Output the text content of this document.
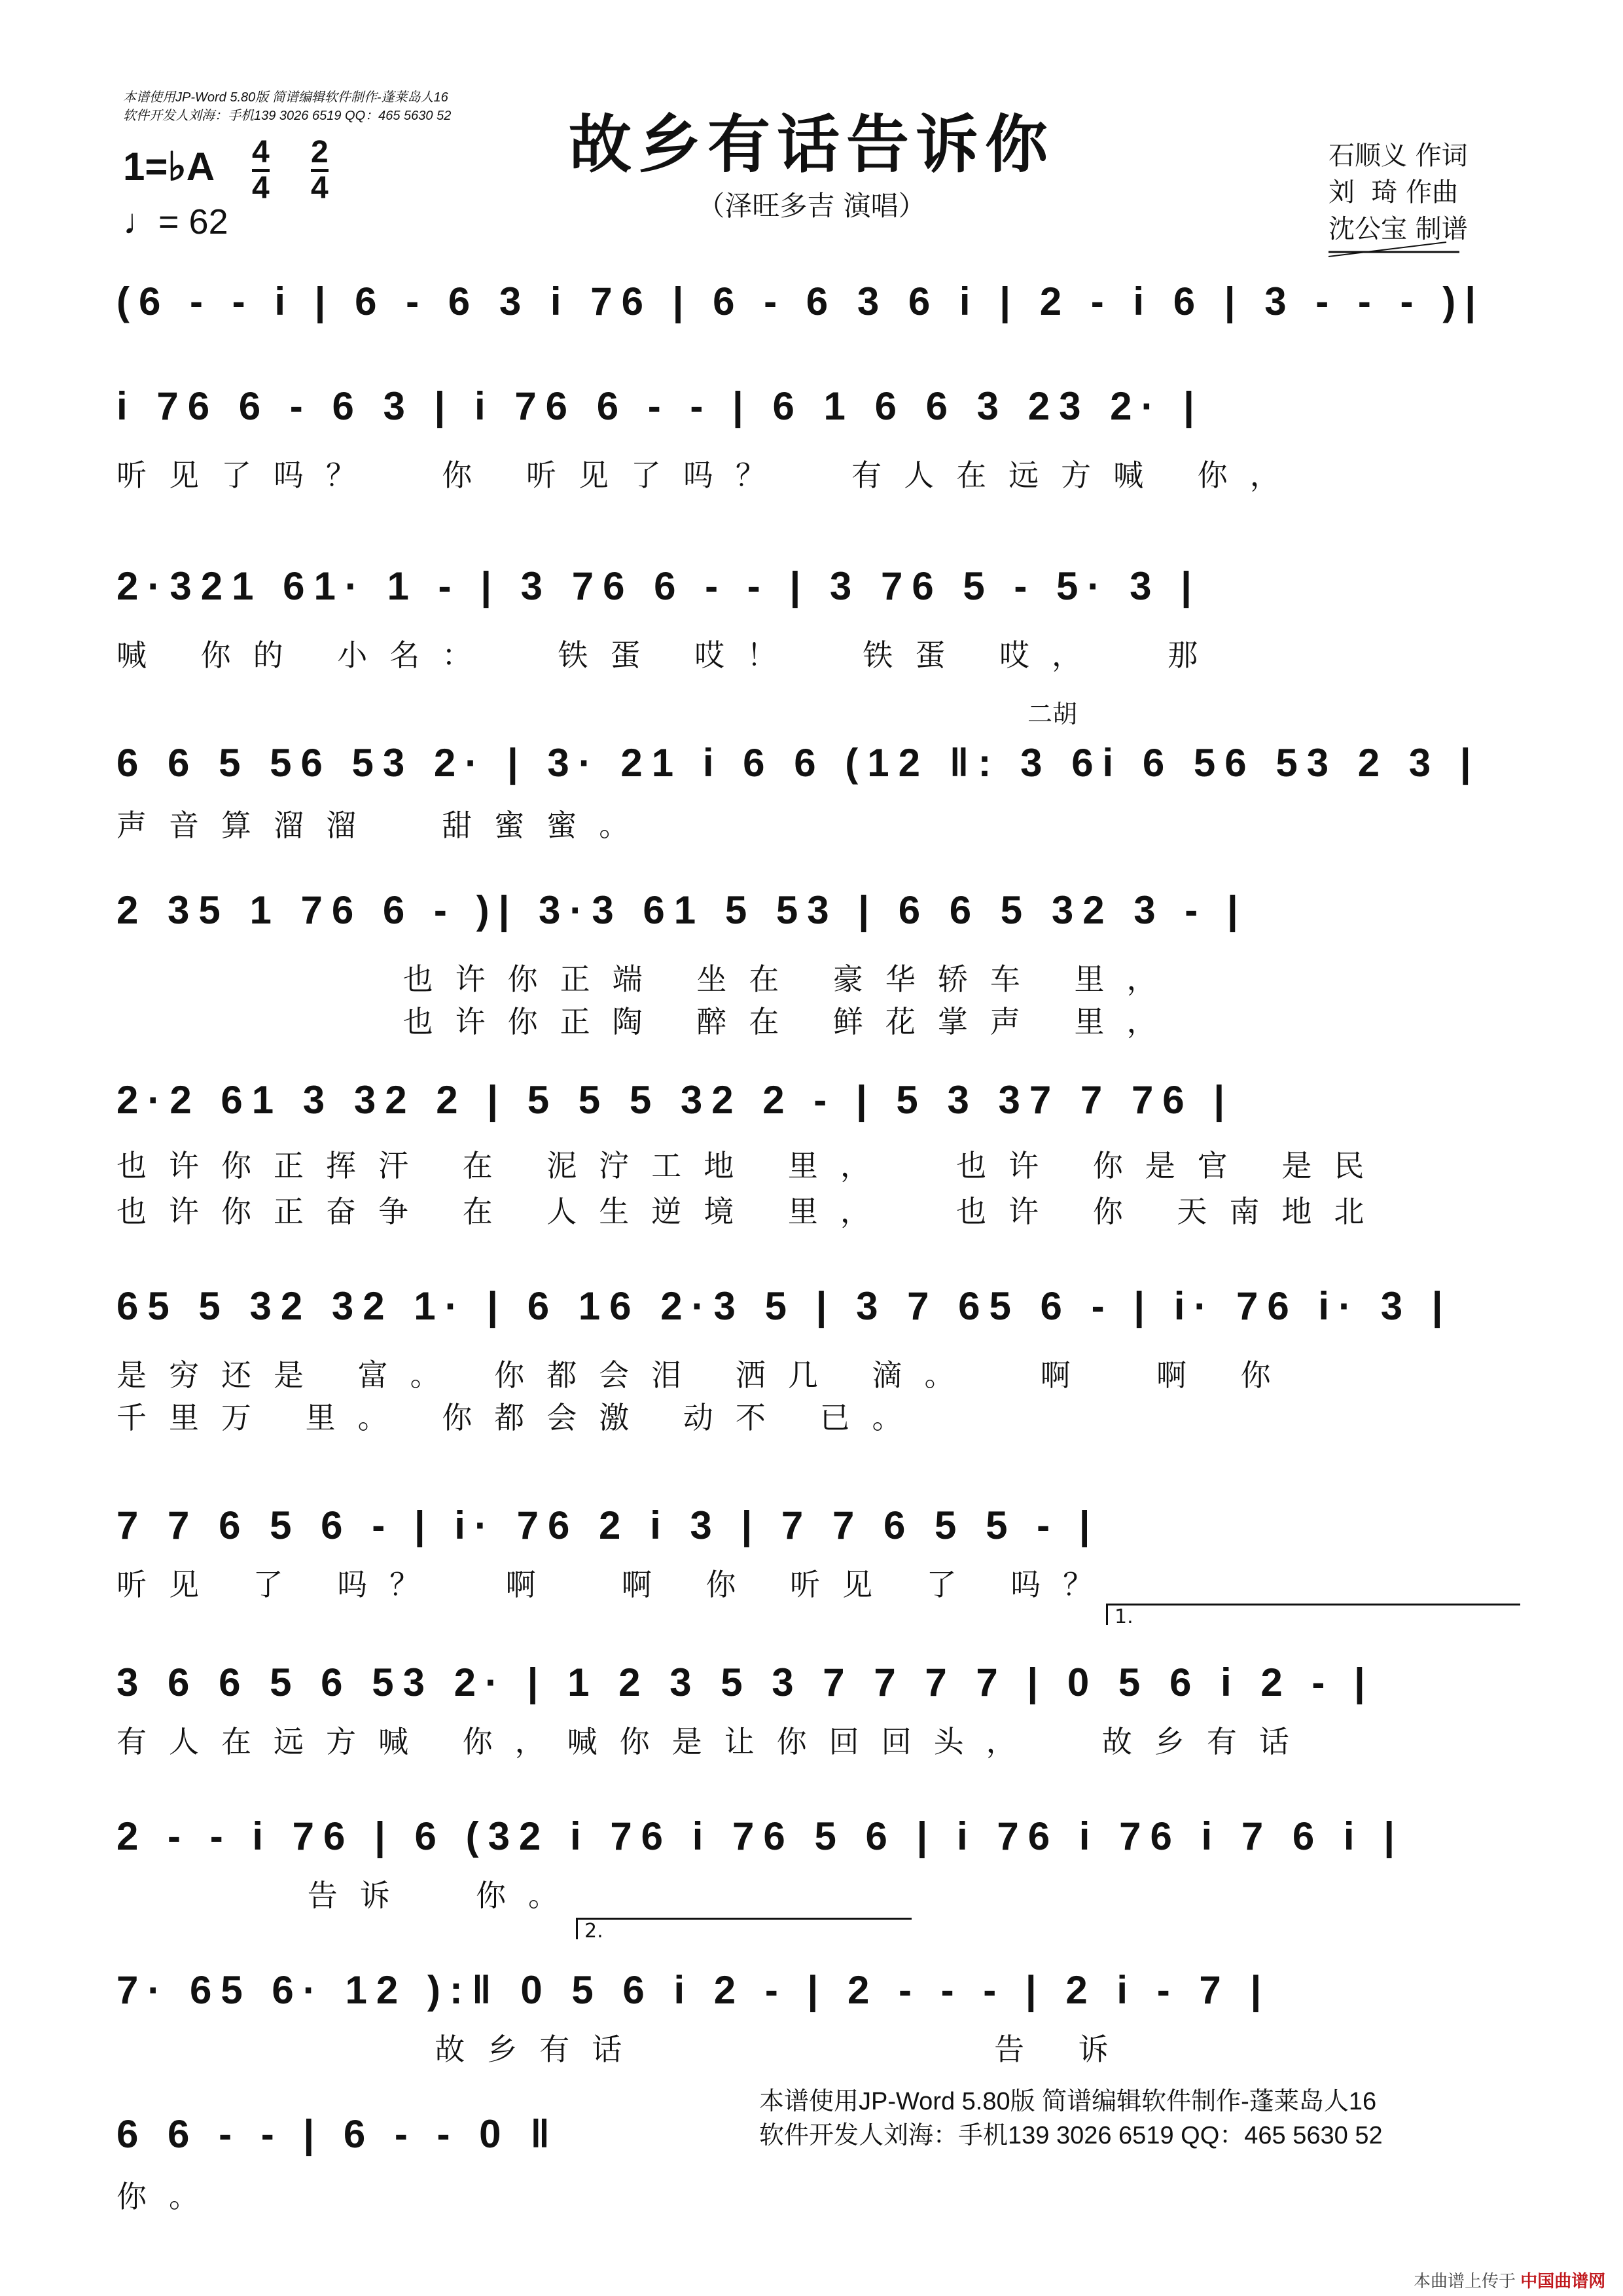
本谱使用JP-Word 5.80版 简谱编辑软件制作-蓬莱岛人16
软件开发人刘海：手机139 3026 6519 QQ：465 5630 52	故乡有话告诉你
（泽旺多吉 演唱）
1=♭A 4
4
2
4
♩= 62
石顺义 作词
刘  琦 作曲
沈公宝 制谱
(6 - - i | 6 - 6 3 i 76 | 6 - 6 3 6 i | 2 - i 6 | 3 - - - )|
i 76 6 - 6 3 | i 76 6 - - | 6 1 6 6 3 23 2· |
听见了吗？  你 听见了吗？  有人在远方喊 你，
2·321 61· 1 - | 3 76 6 - - | 3 76 5 - 5· 3 |
喊 你的 小名：  铁蛋 哎！  铁蛋 哎，  那
二胡
6 6 5 56 53 2· | 3· 21 i 6 6 (12 ‖: 3 6i 6 56 53 2 3 |
声音算溜溜  甜蜜蜜。
2 35 1 76 6 - )| 3·3 61 5 53 | 6 6 5 32 3 - |
也许你正端 坐在 豪华轿车 里，
也许你正陶 醉在 鲜花掌声 里，
2·2 61 3 32 2 | 5 5 5 32 2 - | 5 3 37 7 76 |
也许你正挥汗 在 泥泞工地 里，  也许 你是官 是民
也许你正奋争 在 人生逆境 里，  也许 你 天南地北
65 5 32 32 1· | 6 16 2·3 5 | 3 7 65 6 - | i· 76 i· 3 |
是穷还是 富。 你都会泪 洒几 滴。  啊  啊 你
千里万 里。 你都会激 动不 已。
7 7 6 5 6 - | i· 76 2 i 3 | 7 7 6 5 5 - |
听见 了 吗？  啊  啊 你 听见 了 吗？
1.
3 6 6 5 6 53 2· | 1 2 3 5 3 7 7 7 7 | 0 5 6 i 2 - |
有人在远方喊 你，喊你是让你回回头，  故乡有话
2 - - i 76 | 6 (32 i 76 i 76 5 6 | i 76 i 76 i 7 6 i |
告诉  你。
2.
7· 65 6· 12 ):‖ 0 5 6 i 2 - | 2 - - - | 2 i - 7 |
故乡有话           告 诉
6 6 - - | 6 - - 0 ‖
你。
本谱使用JP-Word 5.80版 简谱编辑软件制作-蓬莱岛人16
软件开发人刘海：手机139 3026 6519 QQ：465 5630 52
本曲谱上传于 中国曲谱网
